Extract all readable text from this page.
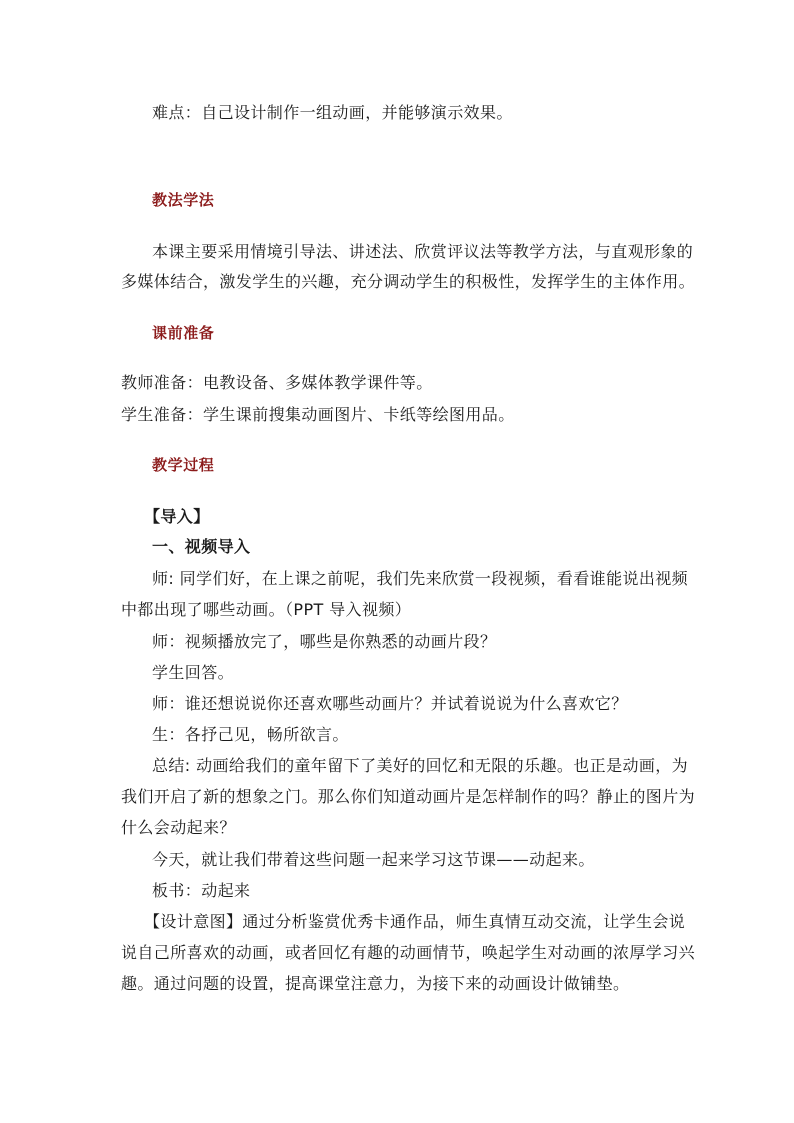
难点：自己设计制作一组动画，并能够演示效果。
教法学法
本课主要采用情境引导法、讲述法、欣赏评议法等教学方法，与直观形象的
多媒体结合，激发学生的兴趣，充分调动学生的积极性，发挥学生的主体作用。
课前准备
教师准备：电教设备、多媒体教学课件等。
学生准备：学生课前搜集动画图片、卡纸等绘图用品。
教学过程
【导入】
一、视频导入
师: 同学们好，在上课之前呢，我们先来欣赏一段视频，看看谁能说出视频
中都出现了哪些动画。（PPT 导入视频）
师：视频播放完了，哪些是你熟悉的动画片段？
学生回答。
师：谁还想说说你还喜欢哪些动画片？并试着说说为什么喜欢它？
生：各抒己见，畅所欲言。
总结: 动画给我们的童年留下了美好的回忆和无限的乐趣。也正是动画，为
我们开启了新的想象之门。那么你们知道动画片是怎样制作的吗？静止的图片为
什么会动起来？
今天，就让我们带着这些问题一起来学习这节课——动起来。
板书：动起来
【设计意图】通过分析鉴赏优秀卡通作品，师生真情互动交流，让学生会说
说自己所喜欢的动画，或者回忆有趣的动画情节，唤起学生对动画的浓厚学习兴
趣。通过问题的设置，提高课堂注意力，为接下来的动画设计做铺垫。
